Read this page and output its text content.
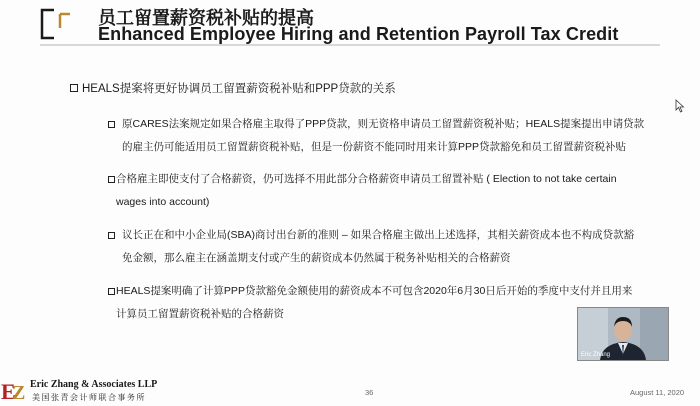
员工留置薪资税补贴的提高
Enhanced Employee Hiring and Retention Payroll Tax Credit
HEALS提案将更好协调员工留置薪资税补贴和PPP贷款的关系
原CARES法案规定如果合格雇主取得了PPP贷款，则无资格申请员工留置薪资税补贴；HEALS提案提出申请贷款
的雇主仍可能适用员工留置薪资税补贴，但是一份薪资不能同时用来计算PPP贷款豁免和员工留置薪资税补贴
合格雇主即使支付了合格薪资，仍可选择不用此部分合格薪资申请员工留置补贴 ( Election to not take certain
wages into account)
议长正在和中小企业局(SBA)商讨出台新的准则 – 如果合格雇主做出上述选择，其相关薪资成本也不构成贷款豁
免金额，那么雇主在涵盖期支付或产生的薪资成本仍然属于税务补贴相关的合格薪资
HEALS提案明确了计算PPP贷款豁免金额使用的薪资成本不可包含2020年6月30日后开始的季度中支付并且用来
计算员工留置薪资税补贴的合格薪资
Eric Zhang
E
Z Eric Zhang & Associates LLP
美国张青会计师联合事务所
36	August 11, 2020
